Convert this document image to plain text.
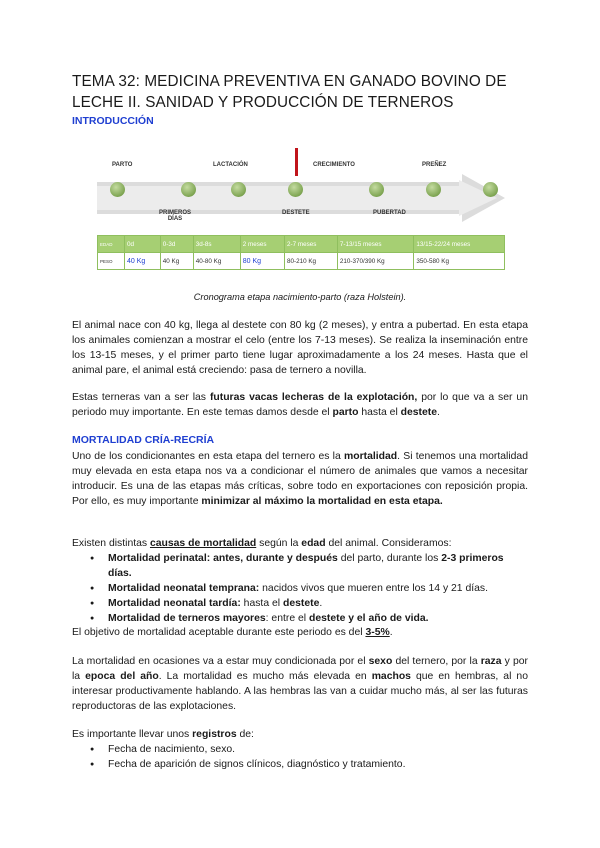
TEMA 32: MEDICINA PREVENTIVA EN GANADO BOVINO DE LECHE II. SANIDAD Y PRODUCCIÓN DE TERNEROS
INTRODUCCIÓN
PARTO	LACTACIÓN	CRECIMIENTO	PREÑEZ
PRIMEROS DÍAS
DESTETE	PUBERTAD
EDAD	0d	0-3d	3d-8s	2 meses	2-7 meses	7-13/15 meses	13/15-22/24 meses
PESO	40 Kg	40 Kg	40-80 Kg	80 Kg	80-210 Kg	210-370/390 Kg	350-580 Kg
Cronograma etapa nacimiento-parto (raza Holstein).
El animal nace con 40 kg, llega al destete con 80 kg (2 meses), y entra a pubertad. En esta etapa los animales comienzan a mostrar el celo (entre los 7-13 meses). Se realiza la inseminación entre los 13-15 meses, y el primer parto tiene lugar aproximadamente a los 24 meses. Hasta que el animal pare, el animal está creciendo: pasa de ternero a novilla.
Estas terneras van a ser las futuras vacas lecheras de la explotación, por lo que va a ser un periodo muy importante. En este temas damos desde el parto hasta el destete.
MORTALIDAD CRÍA-RECRÍA
Uno de los condicionantes en esta etapa del ternero es la mortalidad. Si tenemos una mortalidad muy elevada en esta etapa nos va a condicionar el número de animales que vamos a necesitar introducir. Es una de las etapas más críticas, sobre todo en exportaciones con reposición propia. Por ello, es muy importante minimizar al máximo la mortalidad en esta etapa.
Existen distintas causas de mortalidad según la edad del animal. Consideramos:
● Mortalidad perinatal: antes, durante y después del parto, durante los 2-3 primeros días.
● Mortalidad neonatal temprana: nacidos vivos que mueren entre los 14 y 21 días.
● Mortalidad neonatal tardía: hasta el destete.
● Mortalidad de terneros mayores: entre el destete y el año de vida.
El objetivo de mortalidad aceptable durante este periodo es del 3-5%.
La mortalidad en ocasiones va a estar muy condicionada por el sexo del ternero, por la raza y por la epoca del año. La mortalidad es mucho más elevada en machos que en hembras, al no interesar productivamente hablando. A las hembras las van a cuidar mucho más, al ser las futuras reproductoras de las explotaciones.
Es importante llevar unos registros de:
● Fecha de nacimiento, sexo.
● Fecha de aparición de signos clínicos, diagnóstico y tratamiento.
